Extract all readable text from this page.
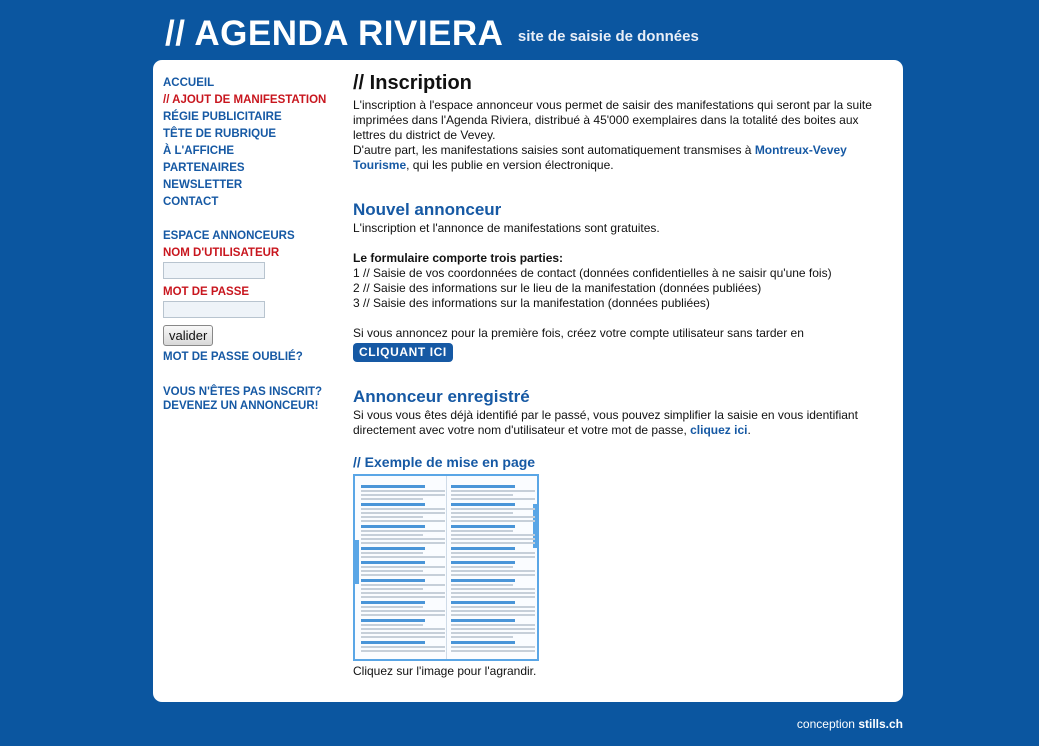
// AGENDA RIVIERA site de saisie de données
ACCUEIL
// AJOUT DE MANIFESTATION
RÉGIE PUBLICITAIRE
TÊTE DE RUBRIQUE
À L'AFFICHE
PARTENAIRES
NEWSLETTER
CONTACT
ESPACE ANNONCEURS
NOM D'UTILISATEUR
MOT DE PASSE
valider
MOT DE PASSE OUBLIÉ?
VOUS N'ÊTES PAS INSCRIT?
DEVENEZ UN ANNONCEUR!
// Inscription

L'inscription à l'espace annonceur vous permet de saisir des manifestations qui seront par la suite imprimées dans l'Agenda Riviera, distribué à 45'000 exemplaires dans la totalité des boites aux lettres du district de Vevey.

D'autre part, les manifestations saisies sont automatiquement transmises à Montreux-Vevey Tourisme, qui les publie en version électronique.

Nouvel annonceur

L'inscription et l'annonce de manifestations sont gratuites.

Le formulaire comporte trois parties:

1 // Saisie de vos coordonnées de contact (données confidentielles à ne saisir qu'une fois)

2 // Saisie des informations sur le lieu de la manifestation (données publiées)

3 // Saisie des informations sur la manifestation (données publiées)

Si vous annoncez pour la première fois, créez votre compte utilisateur sans tarder en

CLIQUANT ICI
Annonceur enregistré

Si vous vous êtes déjà identifié par le passé, vous pouvez simplifier la saisie en vous identifiant directement avec votre nom d'utilisateur et votre mot de passe, cliquez ici.

// Exemple de mise en page

Cliquez sur l'image pour l'agrandir.

conception stills.ch
